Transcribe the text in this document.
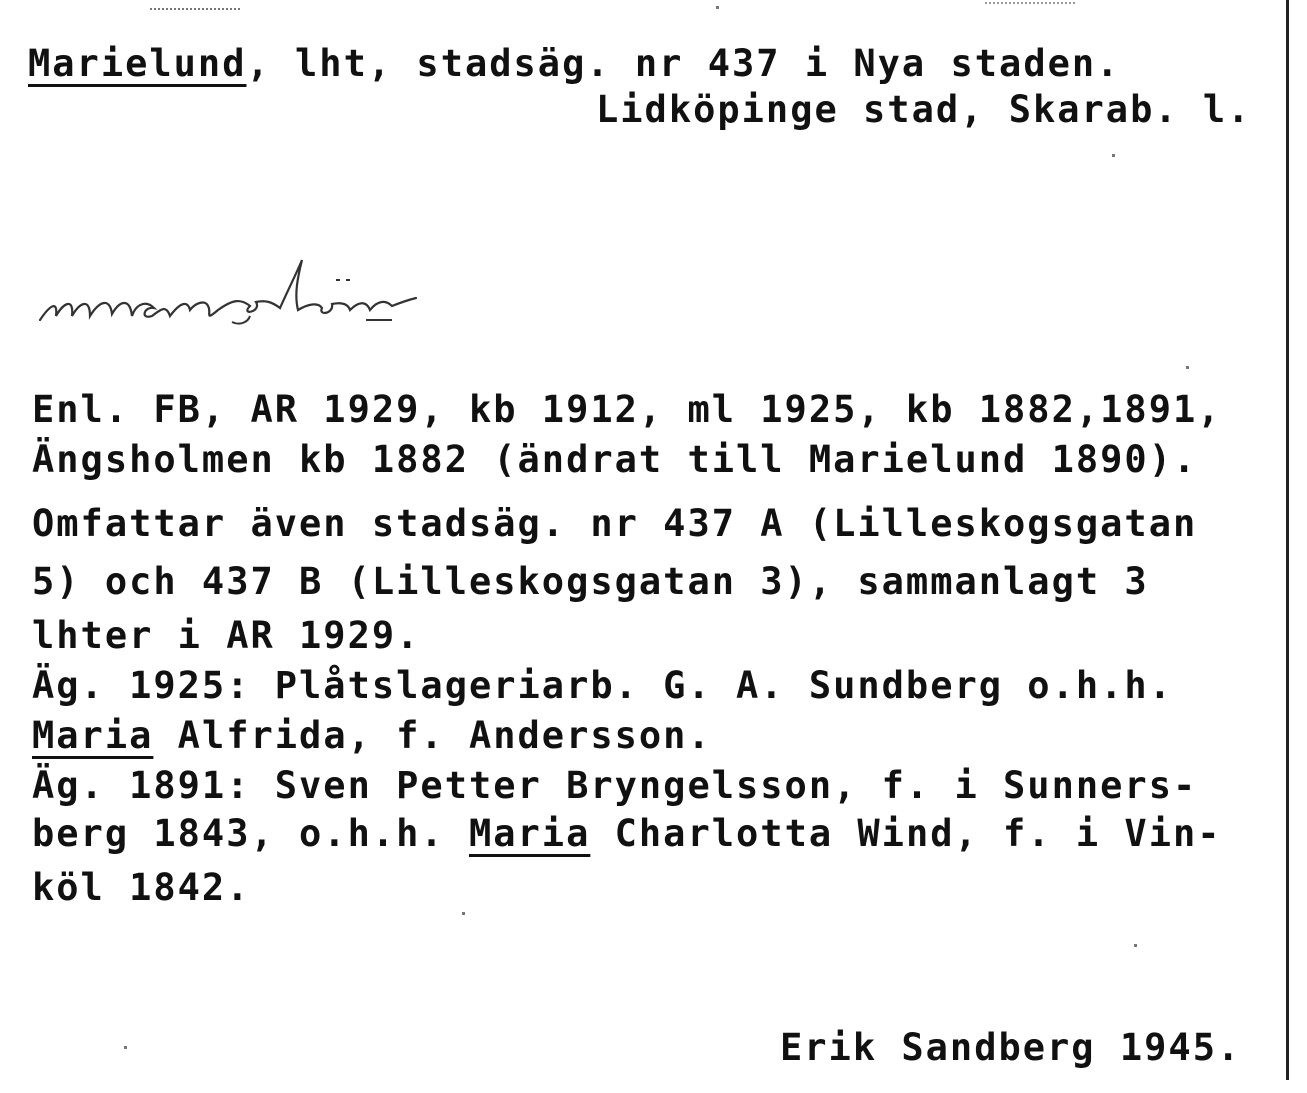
Marielund, lht, stadsäg. nr 437 i Nya staden.
Lidköpinge stad, Skarab. l.
marzolöw
Enl. FB, AR 1929, kb 1912, ml 1925, kb 1882,1891,
Ängsholmen kb 1882 (ändrat till Marielund 1890).
Omfattar även stadsäg. nr 437 A (Lilleskogsgatan
5) och 437 B (Lilleskogsgatan 3), sammanlagt 3
lhter i AR 1929.
Äg. 1925: Plåtslageriarb. G. A. Sundberg o.h.h.
Maria Alfrida, f. Andersson.
Äg. 1891: Sven Petter Bryngelsson, f. i Sunners-
berg 1843, o.h.h. Maria Charlotta Wind, f. i Vin-
köl 1842.
Erik Sandberg 1945.
